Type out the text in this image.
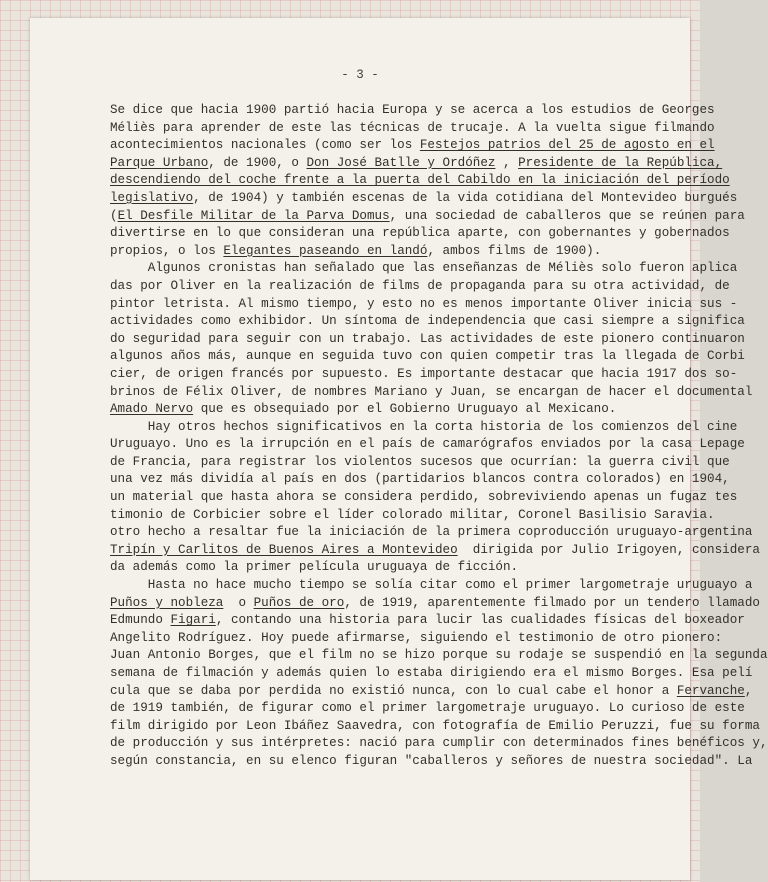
- 3 -
Se dice que hacia 1900 partió hacia Europa y se acerca a los estudios de Georges
Méliès para aprender de este las técnicas de trucaje. A la vuelta sigue filmando
acontecimientos nacionales (como ser los Festejos patrios del 25 de agosto en el
Parque Urbano, de 1900, o Don José Batlle y Ordóñez , Presidente de la República,
descendiendo del coche frente a la puerta del Cabildo en la iniciación del período
legislativo, de 1904) y también escenas de la vida cotidiana del Montevideo burgués
(El Desfile Militar de la Parva Domus, una sociedad de caballeros que se reúnen para
divertirse en lo que consideran una república aparte, con gobernantes y gobernados
propios, o los Elegantes paseando en landó, ambos films de 1900).
Algunos cronistas han señalado que las enseñanzas de Méliès solo fueron aplica
das por Oliver en la realización de films de propaganda para su otra actividad, de
pintor letrista. Al mismo tiempo, y esto no es menos importante Oliver inicia sus -
actividades como exhibidor. Un síntoma de independencia que casi siempre a significa
do seguridad para seguir con un trabajo. Las actividades de este pionero continuaron
algunos años más, aunque en seguida tuvo con quien competir tras la llegada de Corbi
cier, de origen francés por supuesto. Es importante destacar que hacia 1917 dos so-
brinos de Félix Oliver, de nombres Mariano y Juan, se encargan de hacer el documental
Amado Nervo que es obsequiado por el Gobierno Uruguayo al Mexicano.
Hay otros hechos significativos en la corta historia de los comienzos del cine
Uruguayo. Uno es la irrupción en el país de camarógrafos enviados por la casa Lepage
de Francia, para registrar los violentos sucesos que ocurrían: la guerra civil que
una vez más dividía al país en dos (partidarios blancos contra colorados) en 1904,
un material que hasta ahora se considera perdido, sobreviviendo apenas un fugaz tes
timonio de Corbicier sobre el líder colorado militar, Coronel Basilisio Saravia.
otro hecho a resaltar fue la iniciación de la primera coproducción uruguayo-argentina
Tripín y Carlitos de Buenos Aires a Montevideo  dirigida por Julio Irigoyen, considera
da además como la primer película uruguaya de ficción.
Hasta no hace mucho tiempo se solía citar como el primer largometraje uruguayo a
Puños y nobleza  o Puños de oro, de 1919, aparentemente filmado por un tendero llamado
Edmundo Figari, contando una historia para lucir las cualidades físicas del boxeador
Angelito Rodríguez. Hoy puede afirmarse, siguiendo el testimonio de otro pionero:
Juan Antonio Borges, que el film no se hizo porque su rodaje se suspendió en la segunda
semana de filmación y además quien lo estaba dirigiendo era el mismo Borges. Esa pelí
cula que se daba por perdida no existió nunca, con lo cual cabe el honor a Fervanche,
de 1919 también, de figurar como el primer largometraje uruguayo. Lo curioso de este
film dirigido por Leon Ibáñez Saavedra, con fotografía de Emilio Peruzzi, fue su forma
de producción y sus intérpretes: nació para cumplir con determinados fines benéficos y,
según constancia, en su elenco figuran "caballeros y señores de nuestra sociedad". La
